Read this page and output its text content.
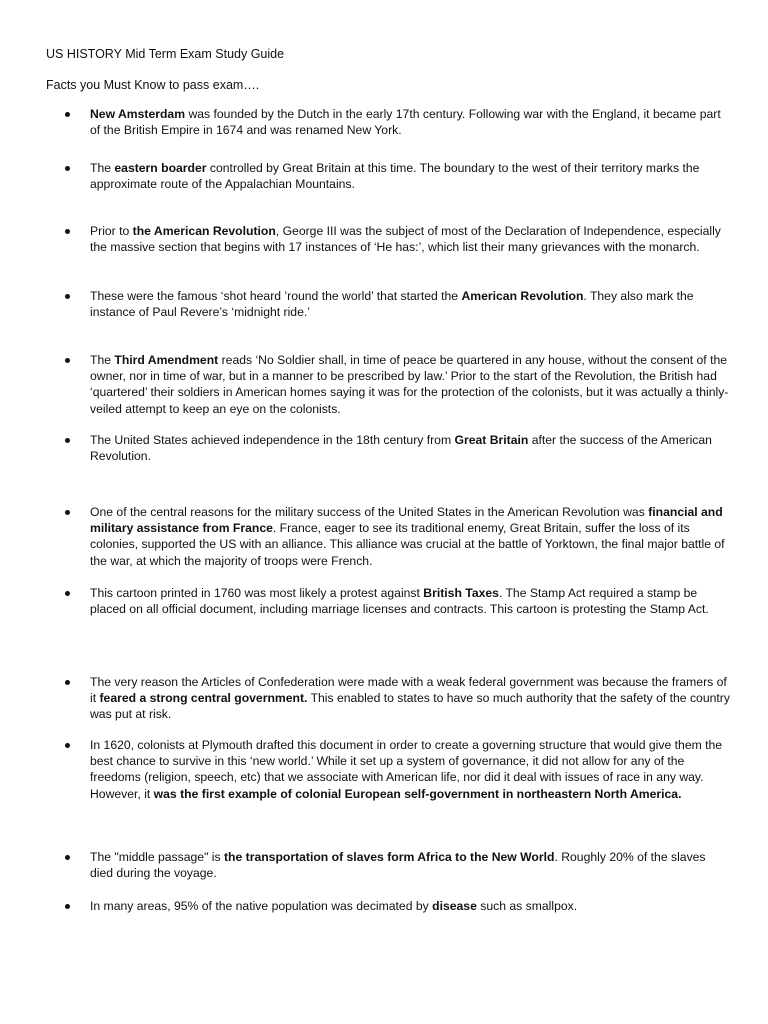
US HISTORY Mid Term Exam Study Guide
Facts you Must Know to pass exam….
New Amsterdam was founded by the Dutch in the early 17th century. Following war with the England, it became part of the British Empire in 1674 and was renamed New York.
The eastern boarder controlled by Great Britain at this time. The boundary to the west of their territory marks the approximate route of the Appalachian Mountains.
Prior to the American Revolution, George III was the subject of most of the Declaration of Independence, especially the massive section that begins with 17 instances of ‘He has:’, which list their many grievances with the monarch.
These were the famous ‘shot heard ’round the world’ that started the American Revolution. They also mark the instance of Paul Revere’s ‘midnight ride.’
The Third Amendment reads ‘No Soldier shall, in time of peace be quartered in any house, without the consent of the owner, nor in time of war, but in a manner to be prescribed by law.’ Prior to the start of the Revolution, the British had ‘quartered’ their soldiers in American homes saying it was for the protection of the colonists, but it was actually a thinly-veiled attempt to keep an eye on the colonists.
The United States achieved independence in the 18th century from Great Britain after the success of the American Revolution.
One of the central reasons for the military success of the United States in the American Revolution was financial and military assistance from France. France, eager to see its traditional enemy, Great Britain, suffer the loss of its colonies, supported the US with an alliance. This alliance was crucial at the battle of Yorktown, the final major battle of the war, at which the majority of troops were French.
This cartoon printed in 1760 was most likely a protest against British Taxes. The Stamp Act required a stamp be placed on all official document, including marriage licenses and contracts. This cartoon is protesting the Stamp Act.
The very reason the Articles of Confederation were made with a weak federal government was because the framers of it feared a strong central government. This enabled to states to have so much authority that the safety of the country was put at risk.
In 1620, colonists at Plymouth drafted this document in order to create a governing structure that would give them the best chance to survive in this ‘new world.’ While it set up a system of governance, it did not allow for any of the freedoms (religion, speech, etc) that we associate with American life, nor did it deal with issues of race in any way. However, it was the first example of colonial European self-government in northeastern North America.
The "middle passage" is the transportation of slaves form Africa to the New World. Roughly 20% of the slaves died during the voyage.
In many areas, 95% of the native population was decimated by disease such as smallpox.
